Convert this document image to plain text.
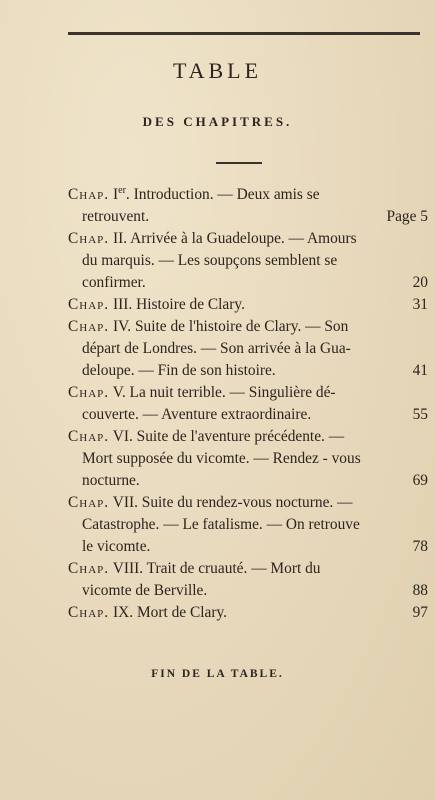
TABLE
DES CHAPITRES.
Chap. Ier. Introduction. — Deux amis se
retrouvent.	Page 5
Chap. II. Arrivée à la Guadeloupe. — Amours
du marquis. — Les soupçons semblent se
confirmer.	20
Chap. III. Histoire de Clary.	31
Chap. IV. Suite de l'histoire de Clary. — Son
départ de Londres. — Son arrivée à la Gua-
deloupe. — Fin de son histoire.	41
Chap. V. La nuit terrible. — Singulière dé-
couverte. — Aventure extraordinaire.	55
Chap. VI. Suite de l'aventure précédente. —
Mort supposée du vicomte. — Rendez - vous
nocturne.	69
Chap. VII. Suite du rendez-vous nocturne. —
Catastrophe. — Le fatalisme. — On retrouve
le vicomte.	78
Chap. VIII. Trait de cruauté. — Mort du
vicomte de Berville.	88
Chap. IX. Mort de Clary.	97
FIN DE LA TABLE.
